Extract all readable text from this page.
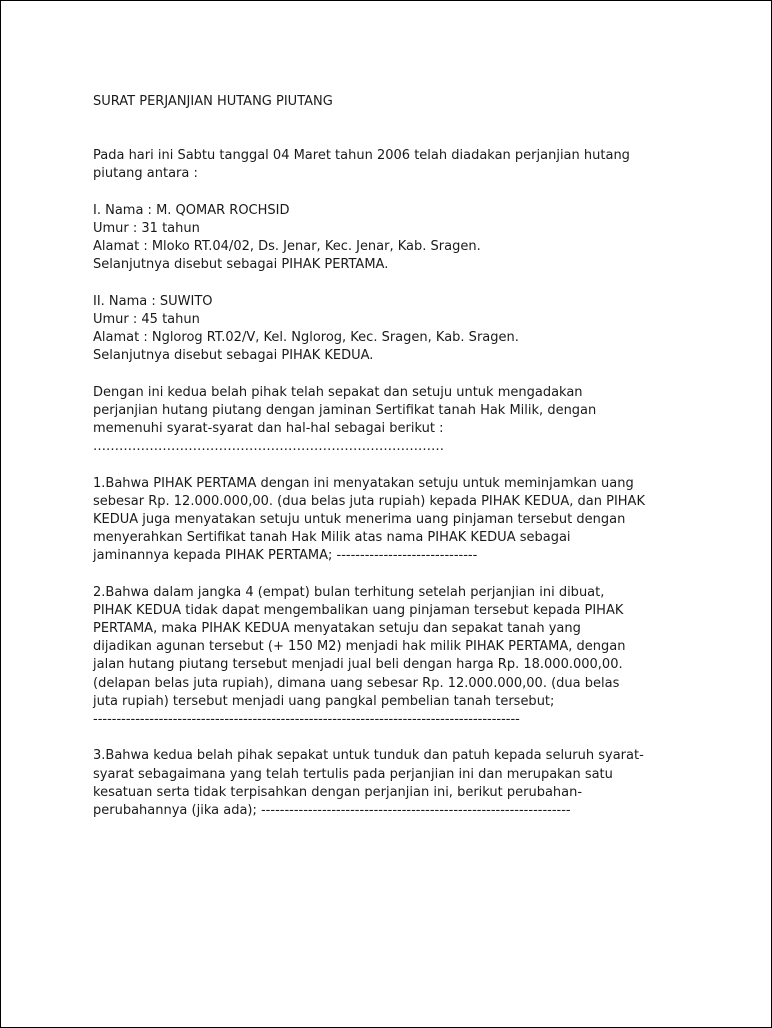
SURAT PERJANJIAN HUTANG PIUTANG
Pada hari ini Sabtu tanggal 04 Maret tahun 2006 telah diadakan perjanjian hutang
piutang antara :
I. Nama : M. QOMAR ROCHSID
Umur : 31 tahun
Alamat : Mloko RT.04/02, Ds. Jenar, Kec. Jenar, Kab. Sragen.
Selanjutnya disebut sebagai PIHAK PERTAMA.
II. Nama : SUWITO
Umur : 45 tahun
Alamat : Nglorog RT.02/V, Kel. Nglorog, Kec. Sragen, Kab. Sragen.
Selanjutnya disebut sebagai PIHAK KEDUA.
Dengan ini kedua belah pihak telah sepakat dan setuju untuk mengadakan
perjanjian hutang piutang dengan jaminan Sertifikat tanah Hak Milik, dengan
memenuhi syarat-syarat dan hal-hal sebagai berikut :
………………………………………………………………………
1.Bahwa PIHAK PERTAMA dengan ini menyatakan setuju untuk meminjamkan uang
sebesar Rp. 12.000.000,00. (dua belas juta rupiah) kepada PIHAK KEDUA, dan PIHAK
KEDUA juga menyatakan setuju untuk menerima uang pinjaman tersebut dengan
menyerahkan Sertifikat tanah Hak Milik atas nama PIHAK KEDUA sebagai
jaminannya kepada PIHAK PERTAMA; ------------------------------
2.Bahwa dalam jangka 4 (empat) bulan terhitung setelah perjanjian ini dibuat,
PIHAK KEDUA tidak dapat mengembalikan uang pinjaman tersebut kepada PIHAK
PERTAMA, maka PIHAK KEDUA menyatakan setuju dan sepakat tanah yang
dijadikan agunan tersebut (+ 150 M2) menjadi hak milik PIHAK PERTAMA, dengan
jalan hutang piutang tersebut menjadi jual beli dengan harga Rp. 18.000.000,00.
(delapan belas juta rupiah), dimana uang sebesar Rp. 12.000.000,00. (dua belas
juta rupiah) tersebut menjadi uang pangkal pembelian tanah tersebut;
-------------------------------------------------------------------------------------------
3.Bahwa kedua belah pihak sepakat untuk tunduk dan patuh kepada seluruh syarat-
syarat sebagaimana yang telah tertulis pada perjanjian ini dan merupakan satu
kesatuan serta tidak terpisahkan dengan perjanjian ini, berikut perubahan-
perubahannya (jika ada); ------------------------------------------------------------------
